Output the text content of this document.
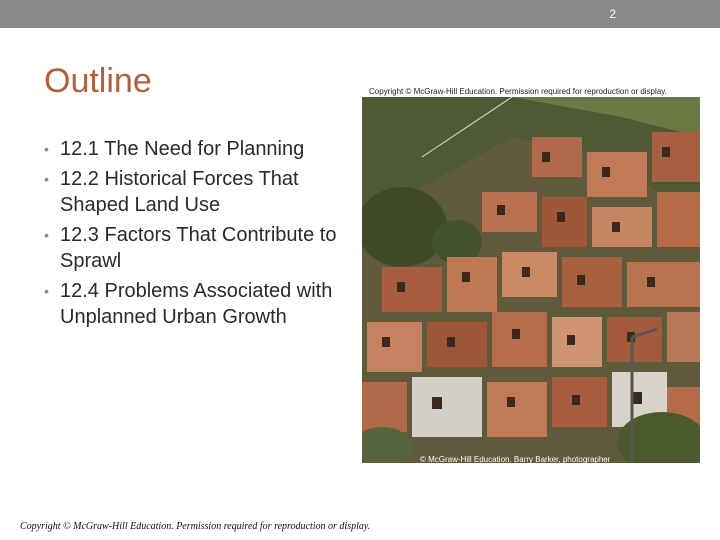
2
Outline
• 12.1 The Need for Planning
• 12.2 Historical Forces That Shaped Land Use
• 12.3 Factors That Contribute to Sprawl
• 12.4 Problems Associated with Unplanned Urban Growth
Copyright © McGraw-Hill Education. Permission required for reproduction or display.
© McGraw-Hill Education. Barry Barker, photographer
Copyright © McGraw-Hill Education. Permission required for reproduction or display.
